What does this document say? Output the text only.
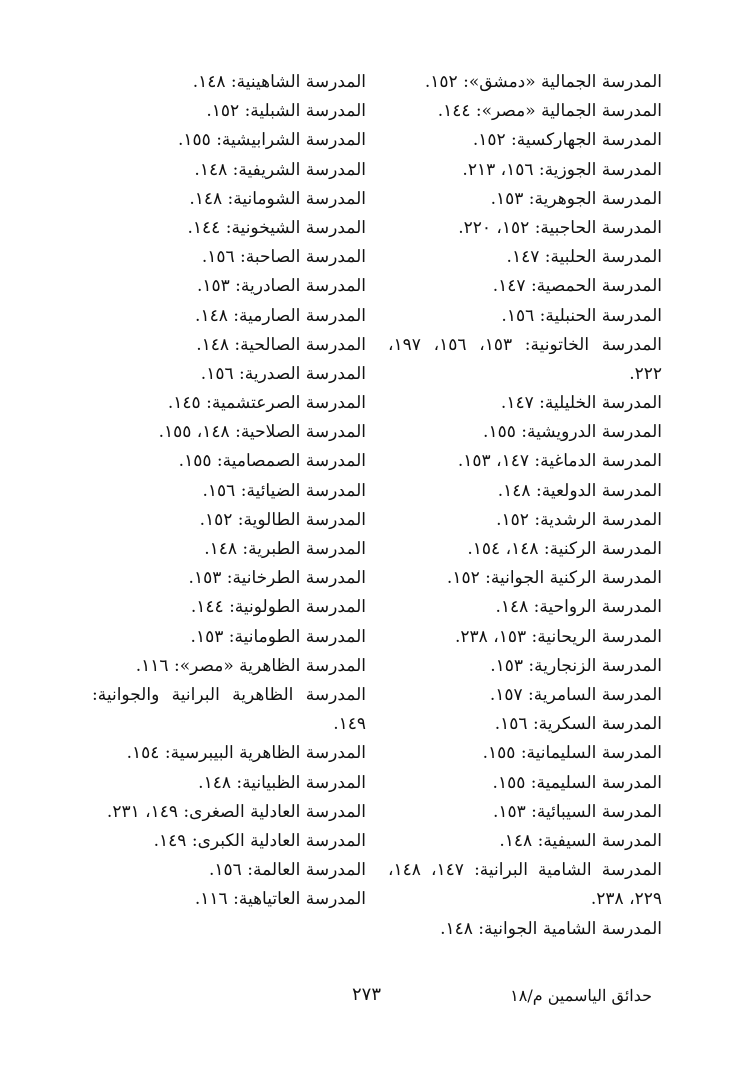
المدرسة الجمالية «دمشق»: ١٥٢.
المدرسة الجمالية «مصر»: ١٤٤.
المدرسة الجهاركسية: ١٥٢.
المدرسة الجوزية: ١٥٦، ٢١٣.
المدرسة الجوهرية: ١٥٣.
المدرسة الحاجبية: ١٥٢، ٢٢٠.
المدرسة الحلبية: ١٤٧.
المدرسة الحمصية: ١٤٧.
المدرسة الحنبلية: ١٥٦.
المدرسة الخاتونية: ١٥٣، ١٥٦، ١٩٧، ٢٢٢.
المدرسة الخليلية: ١٤٧.
المدرسة الدرويشية: ١٥٥.
المدرسة الدماغية: ١٤٧، ١٥٣.
المدرسة الدولعية: ١٤٨.
المدرسة الرشدية: ١٥٢.
المدرسة الركنية: ١٤٨، ١٥٤.
المدرسة الركنية الجوانية: ١٥٢.
المدرسة الرواحية: ١٤٨.
المدرسة الريحانية: ١٥٣، ٢٣٨.
المدرسة الزنجارية: ١٥٣.
المدرسة السامرية: ١٥٧.
المدرسة السكرية: ١٥٦.
المدرسة السليمانية: ١٥٥.
المدرسة السليمية: ١٥٥.
المدرسة السيبائية: ١٥٣.
المدرسة السيفية: ١٤٨.
المدرسة الشامية البرانية: ١٤٧، ١٤٨، ٢٢٩، ٢٣٨.
المدرسة الشامية الجوانية: ١٤٨.
المدرسة الشاهينية: ١٤٨.
المدرسة الشبلية: ١٥٢.
المدرسة الشرابيشية: ١٥٥.
المدرسة الشريفية: ١٤٨.
المدرسة الشومانية: ١٤٨.
المدرسة الشيخونية: ١٤٤.
المدرسة الصاحبة: ١٥٦.
المدرسة الصادرية: ١٥٣.
المدرسة الصارمية: ١٤٨.
المدرسة الصالحية: ١٤٨.
المدرسة الصدرية: ١٥٦.
المدرسة الصرعتشمية: ١٤٥.
المدرسة الصلاحية: ١٤٨، ١٥٥.
المدرسة الصمصامية: ١٥٥.
المدرسة الضيائية: ١٥٦.
المدرسة الطالوية: ١٥٢.
المدرسة الطبرية: ١٤٨.
المدرسة الطرخانية: ١٥٣.
المدرسة الطولونية: ١٤٤.
المدرسة الطومانية: ١٥٣.
المدرسة الظاهرية «مصر»: ١١٦.
المدرسة الظاهرية البرانية والجوانية: ١٤٩.
المدرسة الظاهرية البيبرسية: ١٥٤.
المدرسة الظبيانية: ١٤٨.
المدرسة العادلية الصغرى: ١٤٩، ٢٣١.
المدرسة العادلية الكبرى: ١٤٩.
المدرسة العالمة: ١٥٦.
المدرسة العاتياهية: ١١٦.
٢٧٣	حدائق الياسمين م/١٨
